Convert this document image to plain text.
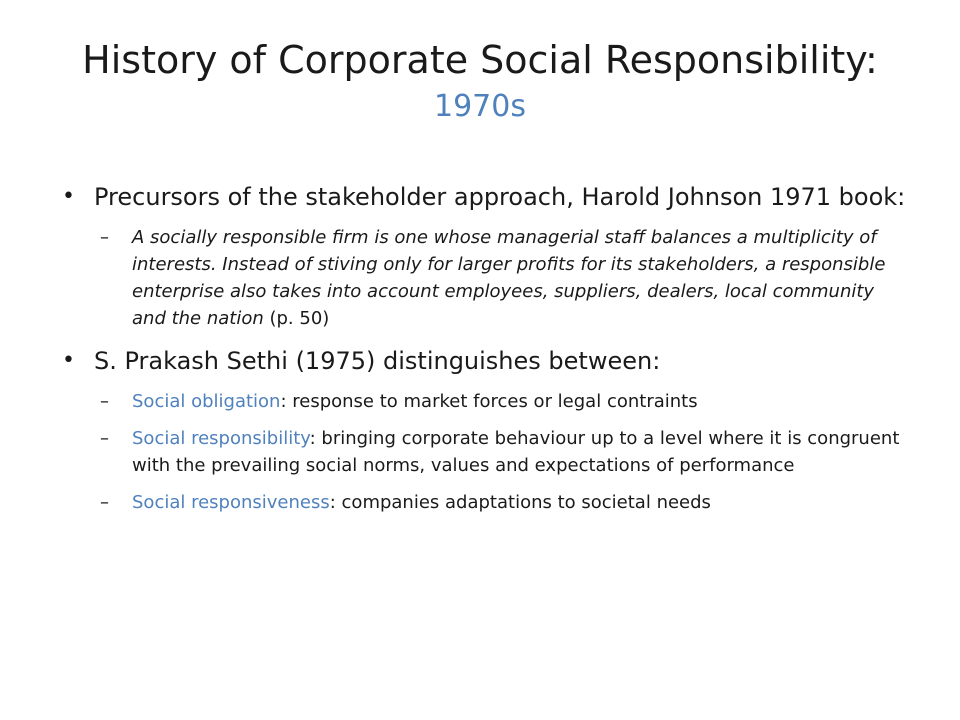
History of Corporate Social Responsibility:
1970s
• Precursors of the stakeholder approach, Harold Johnson 1971 book:
– A socially responsible firm is one whose managerial staff balances a multiplicity of interests. Instead of stiving only for larger profits for its stakeholders, a responsible enterprise also takes into account employees, suppliers, dealers, local community and the nation (p. 50)
• S. Prakash Sethi (1975) distinguishes between:
– Social obligation: response to market forces or legal contraints
– Social responsibility: bringing corporate behaviour up to a level where it is congruent with the prevailing social norms, values and expectations of performance
– Social responsiveness: companies adaptations to societal needs
